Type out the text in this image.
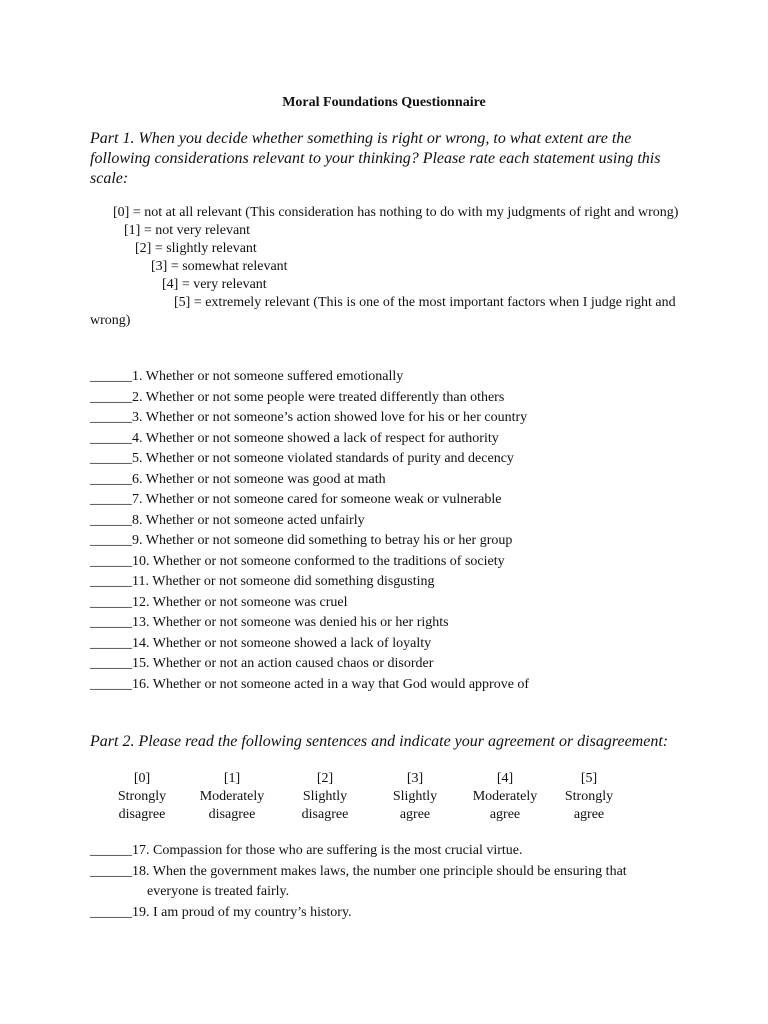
Moral Foundations Questionnaire
Part 1. When you decide whether something is right or wrong, to what extent are the following considerations relevant to your thinking? Please rate each statement using this scale:
[0] = not at all relevant (This consideration has nothing to do with my judgments of right and wrong)
[1] = not very relevant
[2] = slightly relevant
[3] = somewhat relevant
[4] = very relevant
[5] = extremely relevant (This is one of the most important factors when I judge right and wrong)
______ 1. Whether or not someone suffered emotionally
______ 2. Whether or not some people were treated differently than others
______ 3. Whether or not someone’s action showed love for his or her country
______ 4. Whether or not someone showed a lack of respect for authority
______ 5. Whether or not someone violated standards of purity and decency
______ 6. Whether or not someone was good at math
______ 7. Whether or not someone cared for someone weak or vulnerable
______ 8. Whether or not someone acted unfairly
______ 9. Whether or not someone did something to betray his or her group
______ 10. Whether or not someone conformed to the traditions of society
______ 11. Whether or not someone did something disgusting
______ 12. Whether or not someone was cruel
______ 13. Whether or not someone was denied his or her rights
______ 14. Whether or not someone showed a lack of loyalty
______ 15. Whether or not an action caused chaos or disorder
______ 16. Whether or not someone acted in a way that God would approve of
Part 2. Please read the following sentences and indicate your agreement or disagreement:
[0]
Strongly
disagree
[1]
Moderately
disagree
[2]
Slightly
disagree
[3]
Slightly
agree
[4]
Moderately
agree
[5]
Strongly
agree
______ 17. Compassion for those who are suffering is the most crucial virtue.
______ 18. When the government makes laws, the number one principle should be ensuring that
everyone is treated fairly.
______ 19. I am proud of my country’s history.
